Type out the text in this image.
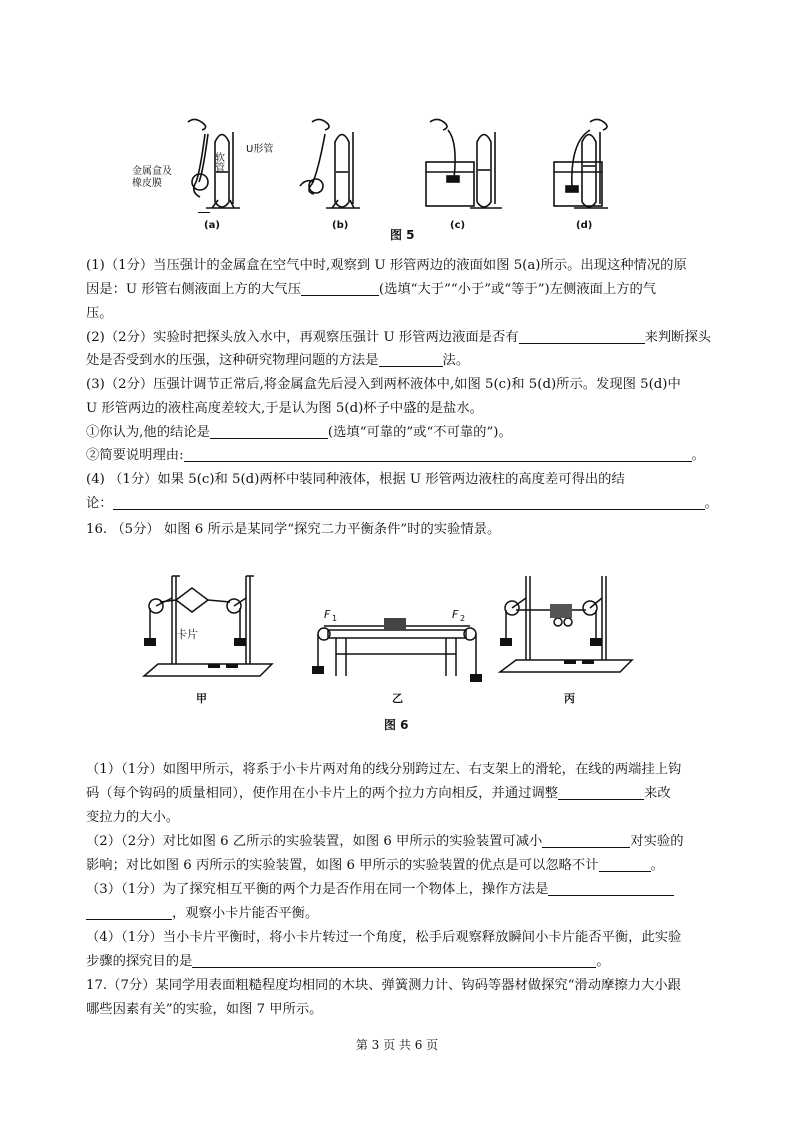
软管
金属盒及
橡皮膜
U形管
(a)	(b)	(c)	(d)
图 5
(1)（1分）当压强计的金属盒在空气中时,观察到 U 形管两边的液面如图 5(a)所示。出现这种情况的原
因是：U 形管右侧液面上方的大气压	(选填“大于”“小于”或“等于”)左侧液面上方的气
压。
(2)（2分）实验时把探头放入水中，再观察压强计 U 形管两边液面是否有	来判断探头
处是否受到水的压强，这种研究物理问题的方法是	法。
(3)（2分）压强计调节正常后,将金属盒先后浸入到两杯液体中,如图 5(c)和 5(d)所示。发现图 5(d)中
U 形管两边的液柱高度差较大,于是认为图 5(d)杯子中盛的是盐水。
①你认为,他的结论是	(选填“可靠的”或“不可靠的”)。
②简要说明理由:	。
(4) （1分）如果 5(c)和 5(d)两杯中装同种液体，根据 U 形管两边液柱的高度差可得出的结
论：	。
16. （5分） 如图 6 所示是某同学“探究二力平衡条件”时的实验情景。
卡片
F 1	F 2
甲	乙	丙
图 6
（1）（1分）如图甲所示，将系于小卡片两对角的线分别跨过左、右支架上的滑轮，在线的两端挂上钩
码（每个钩码的质量相同），使作用在小卡片上的两个拉力方向相反，并通过调整	来改
变拉力的大小。
（2）（2分）对比如图 6 乙所示的实验装置，如图 6 甲所示的实验装置可减小	对实验的
影响；对比如图 6 丙所示的实验装置，如图 6 甲所示的实验装置的优点是可以忽略不计	。
（3）（1分）为了探究相互平衡的两个力是否作用在同一个物体上，操作方法是
，观察小卡片能否平衡。
（4）（1分）当小卡片平衡时，将小卡片转过一个角度，松手后观察释放瞬间小卡片能否平衡，此实验
步骤的探究目的是	。
17.（7分）某同学用表面粗糙程度均相同的木块、弹簧测力计、钩码等器材做探究“滑动摩擦力大小跟
哪些因素有关”的实验，如图 7 甲所示。
第 3 页 共 6 页
